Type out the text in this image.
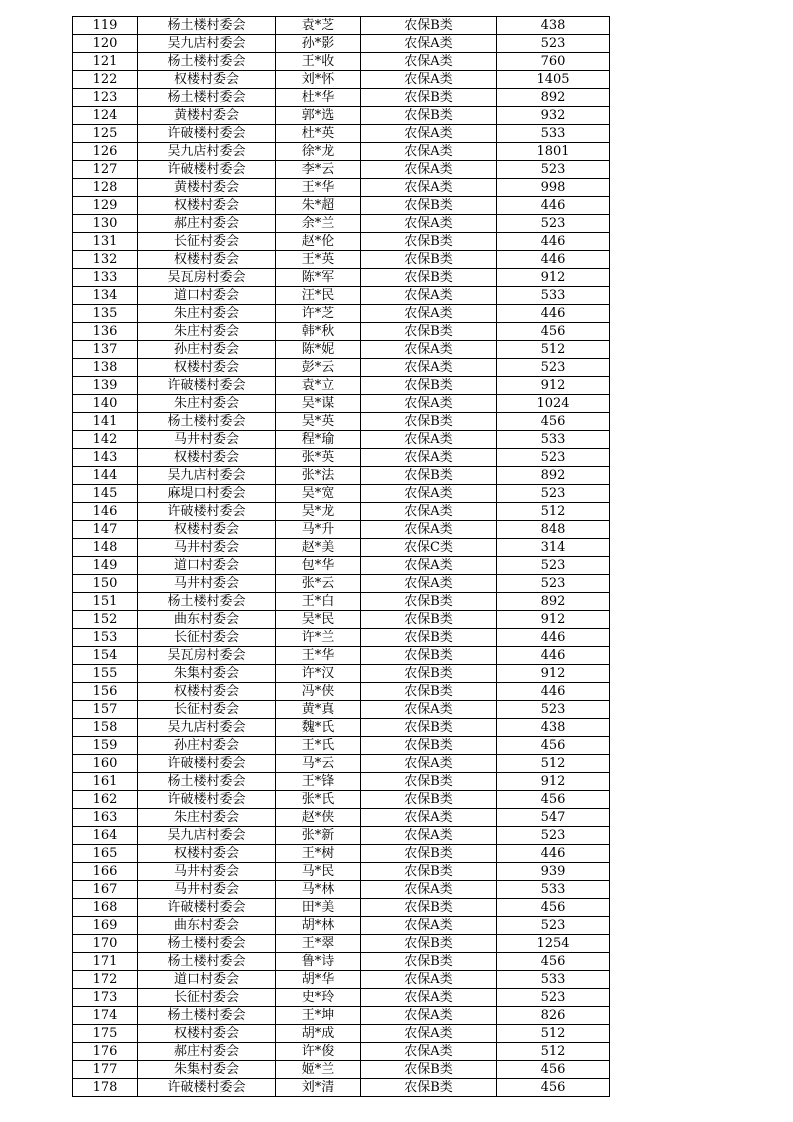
119	杨土楼村委会	袁*芝	农保B类	438
120	吴九店村委会	孙*影	农保A类	523
121	杨土楼村委会	王*收	农保A类	760
122	权楼村委会	刘*怀	农保A类	1405
123	杨土楼村委会	杜*华	农保B类	892
124	黄楼村委会	郭*选	农保B类	932
125	许破楼村委会	杜*英	农保A类	533
126	吴九店村委会	徐*龙	农保A类	1801
127	许破楼村委会	李*云	农保A类	523
128	黄楼村委会	王*华	农保A类	998
129	权楼村委会	朱*超	农保B类	446
130	郝庄村委会	余*兰	农保A类	523
131	长征村委会	赵*伦	农保B类	446
132	权楼村委会	王*英	农保B类	446
133	吴瓦房村委会	陈*军	农保B类	912
134	道口村委会	汪*民	农保A类	533
135	朱庄村委会	许*芝	农保A类	446
136	朱庄村委会	韩*秋	农保B类	456
137	孙庄村委会	陈*妮	农保A类	512
138	权楼村委会	彭*云	农保A类	523
139	许破楼村委会	袁*立	农保B类	912
140	朱庄村委会	吴*谋	农保A类	1024
141	杨土楼村委会	吴*英	农保B类	456
142	马井村委会	程*瑜	农保A类	533
143	权楼村委会	张*英	农保A类	523
144	吴九店村委会	张*法	农保B类	892
145	麻堤口村委会	吴*宽	农保A类	523
146	许破楼村委会	吴*龙	农保A类	512
147	权楼村委会	马*升	农保A类	848
148	马井村委会	赵*美	农保C类	314
149	道口村委会	包*华	农保A类	523
150	马井村委会	张*云	农保A类	523
151	杨土楼村委会	王*白	农保B类	892
152	曲东村委会	吴*民	农保B类	912
153	长征村委会	许*兰	农保B类	446
154	吴瓦房村委会	王*华	农保B类	446
155	朱集村委会	许*汉	农保B类	912
156	权楼村委会	冯*侠	农保B类	446
157	长征村委会	黄*真	农保A类	523
158	吴九店村委会	魏*氏	农保B类	438
159	孙庄村委会	王*氏	农保B类	456
160	许破楼村委会	马*云	农保A类	512
161	杨土楼村委会	王*锋	农保B类	912
162	许破楼村委会	张*氏	农保B类	456
163	朱庄村委会	赵*侠	农保A类	547
164	吴九店村委会	张*新	农保A类	523
165	权楼村委会	王*树	农保B类	446
166	马井村委会	马*民	农保B类	939
167	马井村委会	马*林	农保A类	533
168	许破楼村委会	田*美	农保B类	456
169	曲东村委会	胡*林	农保A类	523
170	杨土楼村委会	王*翠	农保B类	1254
171	杨土楼村委会	鲁*诗	农保B类	456
172	道口村委会	胡*华	农保A类	533
173	长征村委会	史*玲	农保A类	523
174	杨土楼村委会	王*坤	农保A类	826
175	权楼村委会	胡*成	农保A类	512
176	郝庄村委会	许*俊	农保A类	512
177	朱集村委会	姬*兰	农保B类	456
178	许破楼村委会	刘*清	农保B类	456
